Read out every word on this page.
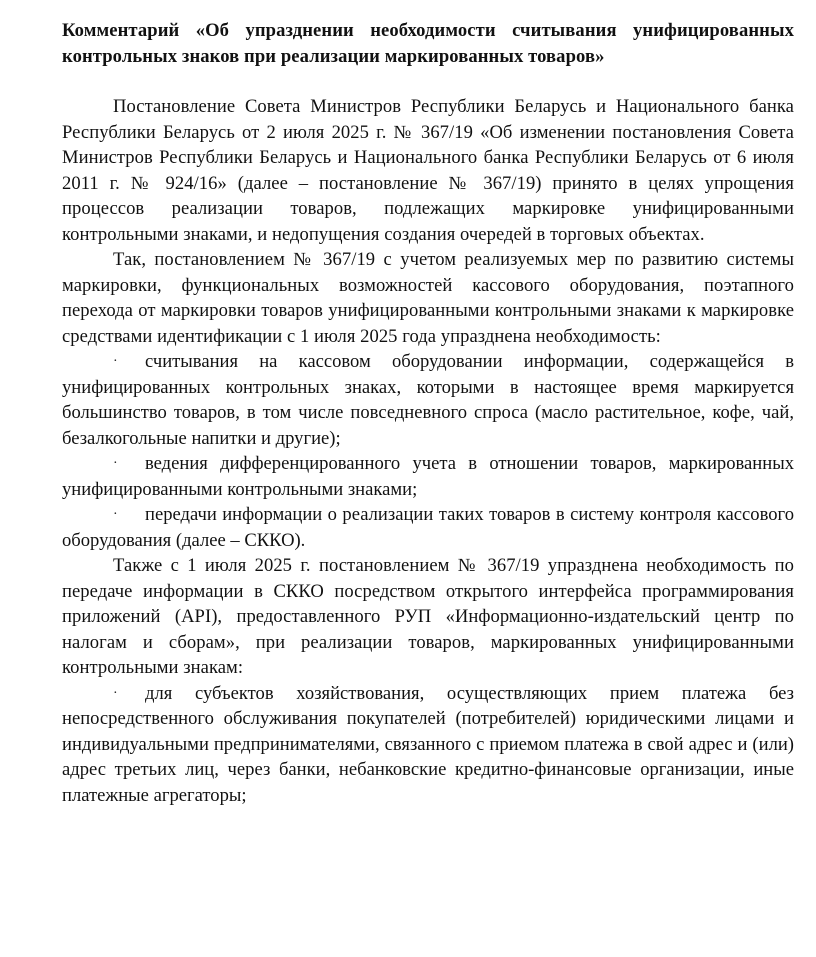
Комментарий «Об упразднении необходимости считывания унифицированных контрольных знаков при реализации маркированных товаров»

Постановление Совета Министров Республики Беларусь и Национального банка Республики Беларусь от 2 июля 2025 г. № 367/19 «Об изменении постановления Совета Министров Республики Беларусь и Национального банка Республики Беларусь от 6 июля 2011 г. № 924/16» (далее – постановление № 367/19) принято в целях упрощения процессов реализации товаров, подлежащих маркировке унифицированными контрольными знаками, и недопущения создания очередей в торговых объектах.

Так, постановлением № 367/19 с учетом реализуемых мер по развитию системы маркировки, функциональных возможностей кассового оборудования, поэтапного перехода от маркировки товаров унифицированными контрольными знаками к маркировке средствами идентификации с 1 июля 2025 года упразднена необходимость:

· считывания на кассовом оборудовании информации, содержащейся в унифицированных контрольных знаках, которыми в настоящее время маркируется большинство товаров, в том числе повседневного спроса (масло растительное, кофе, чай, безалкогольные напитки и другие);

· ведения дифференцированного учета в отношении товаров, маркированных унифицированными контрольными знаками;

· передачи информации о реализации таких товаров в систему контроля кассового оборудования (далее – СККО).

Также с 1 июля 2025 г. постановлением № 367/19 упразднена необходимость по передаче информации в СККО посредством открытого интерфейса программирования приложений (API), предоставленного РУП «Информационно-издательский центр по налогам и сборам», при реализации товаров, маркированных унифицированными контрольными знакам:

· для субъектов хозяйствования, осуществляющих прием платежа без непосредственного обслуживания покупателей (потребителей) юридическими лицами и индивидуальными предпринимателями, связанного с приемом платежа в свой адрес и (или) адрес третьих лиц, через банки, небанковские кредитно-финансовые организации, иные платежные агрегаторы;
